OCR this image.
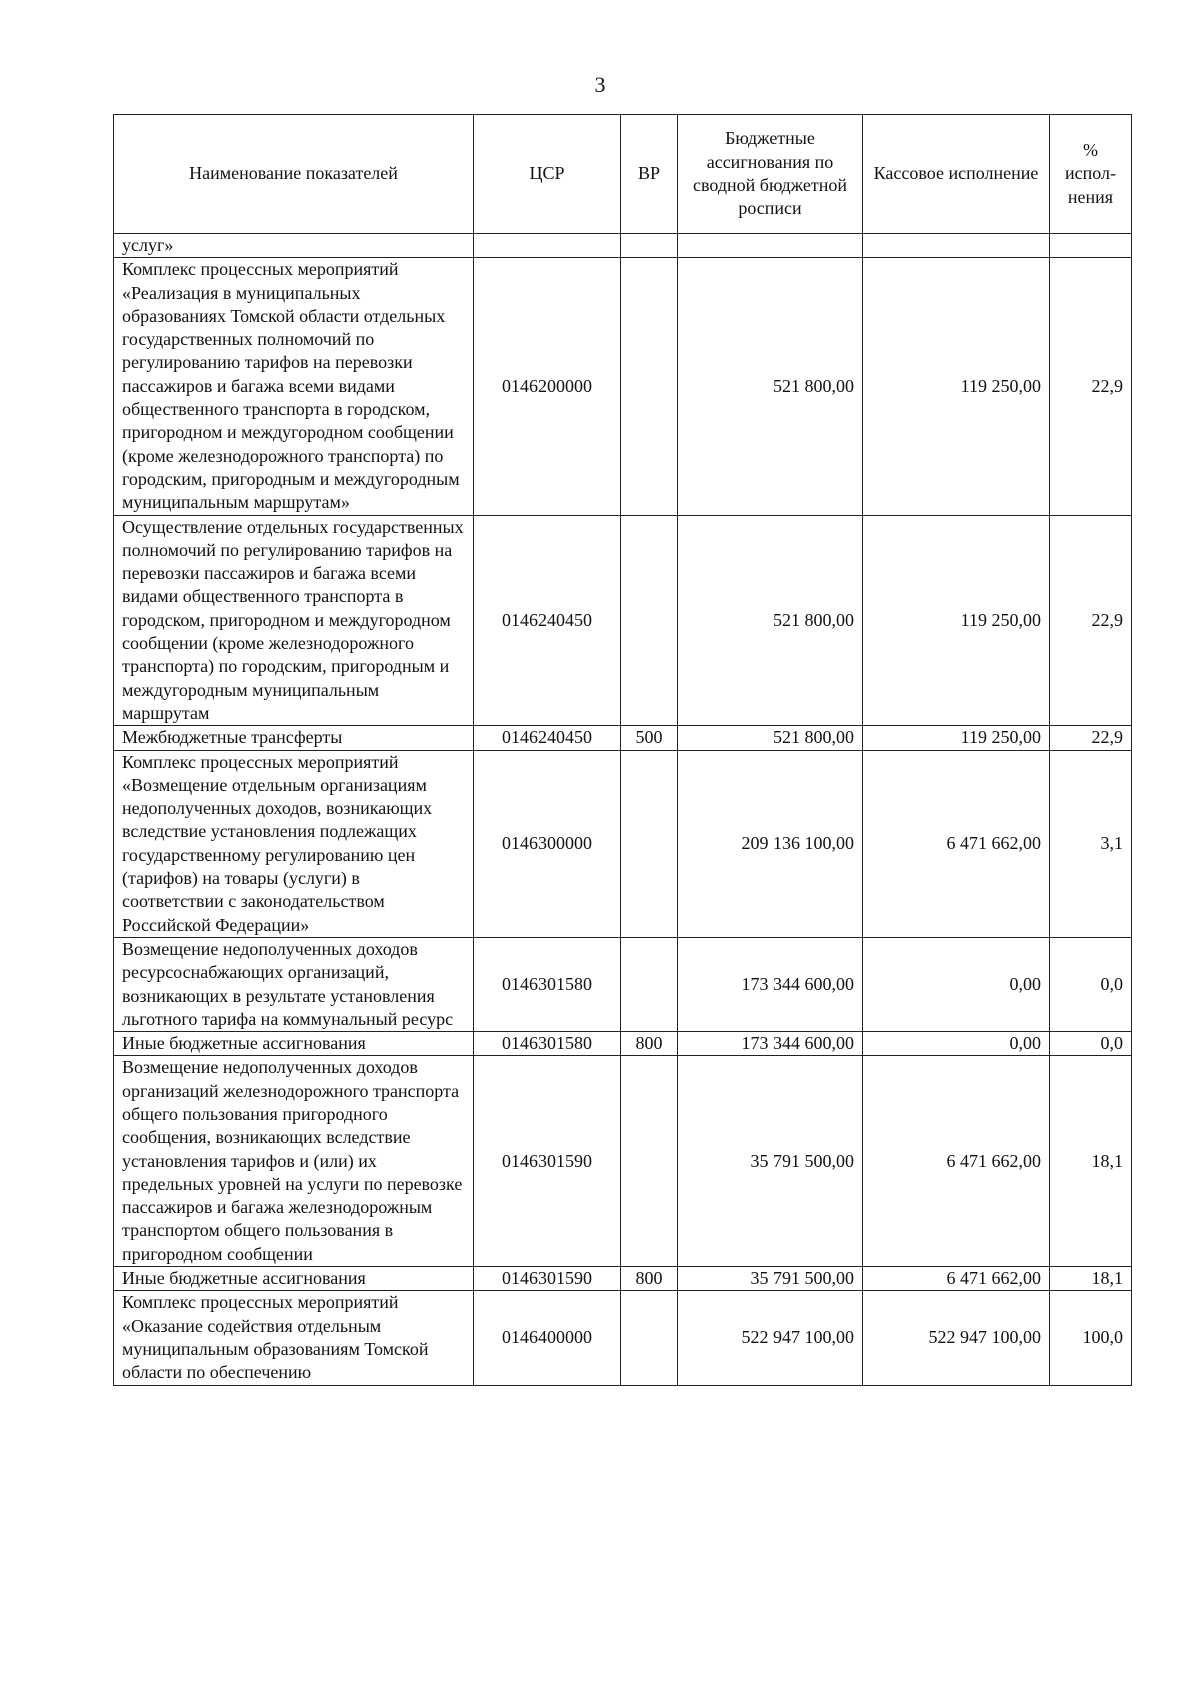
3
Наименование показателей	ЦСР	ВР	Бюджетные ассигнования по сводной бюджетной росписи	Кассовое исполнение	% испол-нения
услуг»					
Комплекс процессных мероприятий «Реализация в муниципальных образованиях Томской области отдельных государственных полномочий по регулированию тарифов на перевозки пассажиров и багажа всеми видами общественного транспорта в городском, пригородном и междугородном сообщении (кроме железнодорожного транспорта) по городским, пригородным и междугородным муниципальным маршрутам»	0146200000		521 800,00	119 250,00	22,9
Осуществление отдельных государственных полномочий по регулированию тарифов на перевозки пассажиров и багажа всеми видами общественного транспорта в городском, пригородном и междугородном сообщении (кроме железнодорожного транспорта) по городским, пригородным и междугородным муниципальным маршрутам	0146240450		521 800,00	119 250,00	22,9
Межбюджетные трансферты	0146240450	500	521 800,00	119 250,00	22,9
Комплекс процессных мероприятий «Возмещение отдельным организациям недополученных доходов, возникающих вследствие установления подлежащих государственному регулированию цен (тарифов) на товары (услуги) в соответствии с законодательством Российской Федерации»	0146300000		209 136 100,00	6 471 662,00	3,1
Возмещение недополученных доходов ресурсоснабжающих организаций, возникающих в результате установления льготного тарифа на коммунальный ресурс	0146301580		173 344 600,00	0,00	0,0
Иные бюджетные ассигнования	0146301580	800	173 344 600,00	0,00	0,0
Возмещение недополученных доходов организаций железнодорожного транспорта общего пользования пригородного сообщения, возникающих вследствие установления тарифов и (или) их предельных уровней на услуги по перевозке пассажиров и багажа железнодорожным транспортом общего пользования в пригородном сообщении	0146301590		35 791 500,00	6 471 662,00	18,1
Иные бюджетные ассигнования	0146301590	800	35 791 500,00	6 471 662,00	18,1
Комплекс процессных мероприятий «Оказание содействия отдельным муниципальным образованиям Томской области по обеспечению	0146400000		522 947 100,00	522 947 100,00	100,0
